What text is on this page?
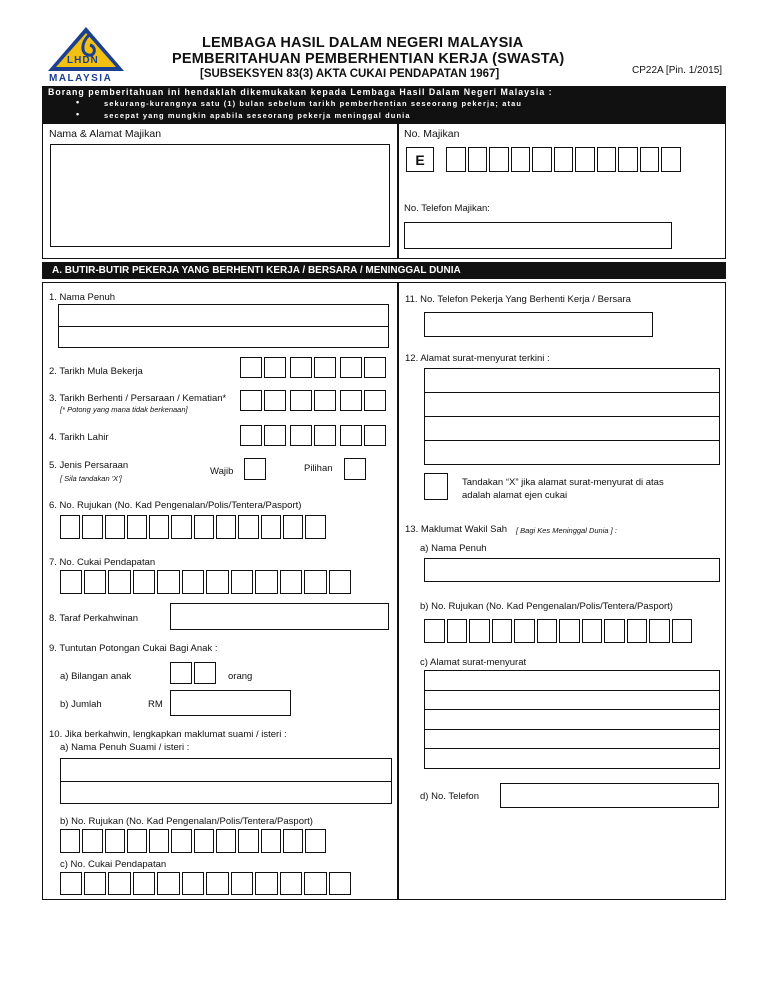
LHDN
MALAYSIA
LEMBAGA HASIL DALAM NEGERI MALAYSIA
PEMBERITAHUAN PEMBERHENTIAN KERJA (SWASTA)
[SUBSEKSYEN 83(3) AKTA CUKAI PENDAPATAN 1967]	CP22A [Pin. 1/2015]
Borang pemberitahuan ini hendaklah dikemukakan kepada Lembaga Hasil Dalam Negeri Malaysia :
•	sekurang-kurangnya satu (1) bulan sebelum tarikh pemberhentian seseorang pekerja; atau
•	secepat yang mungkin apabila seseorang pekerja meninggal dunia
Nama & Alamat Majikan	No. Majikan
E
No. Telefon Majikan:
A. BUTIR-BUTIR PEKERJA YANG BERHENTI KERJA / BERSARA / MENINGGAL DUNIA
1. Nama Penuh
2. Tarikh Mula Bekerja
3. Tarikh Berhenti / Persaraan / Kematian*
[* Potong yang mana tidak berkenaan]
4. Tarikh Lahir
5. Jenis Persaraan
[ Sila tandakan 'X']
Wajib	Pilihan
6. No. Rujukan (No. Kad Pengenalan/Polis/Tentera/Pasport)
7. No. Cukai Pendapatan
8. Taraf Perkahwinan
9. Tuntutan Potongan Cukai Bagi Anak :
a) Bilangan anak	orang
b) Jumlah	RM
10. Jika berkahwin, lengkapkan maklumat suami / isteri :
a) Nama Penuh Suami / isteri :
b) No. Rujukan (No. Kad Pengenalan/Polis/Tentera/Pasport)
c) No. Cukai Pendapatan
11. No. Telefon Pekerja Yang Berhenti Kerja / Bersara
12. Alamat surat-menyurat terkini :
Tandakan “X” jika alamat surat-menyurat di atas
adalah alamat ejen cukai
13. Maklumat Wakil Sah [ Bagi Kes Meninggal Dunia ] :
a) Nama Penuh
b) No. Rujukan (No. Kad Pengenalan/Polis/Tentera/Pasport)
c) Alamat surat-menyurat
d) No. Telefon
